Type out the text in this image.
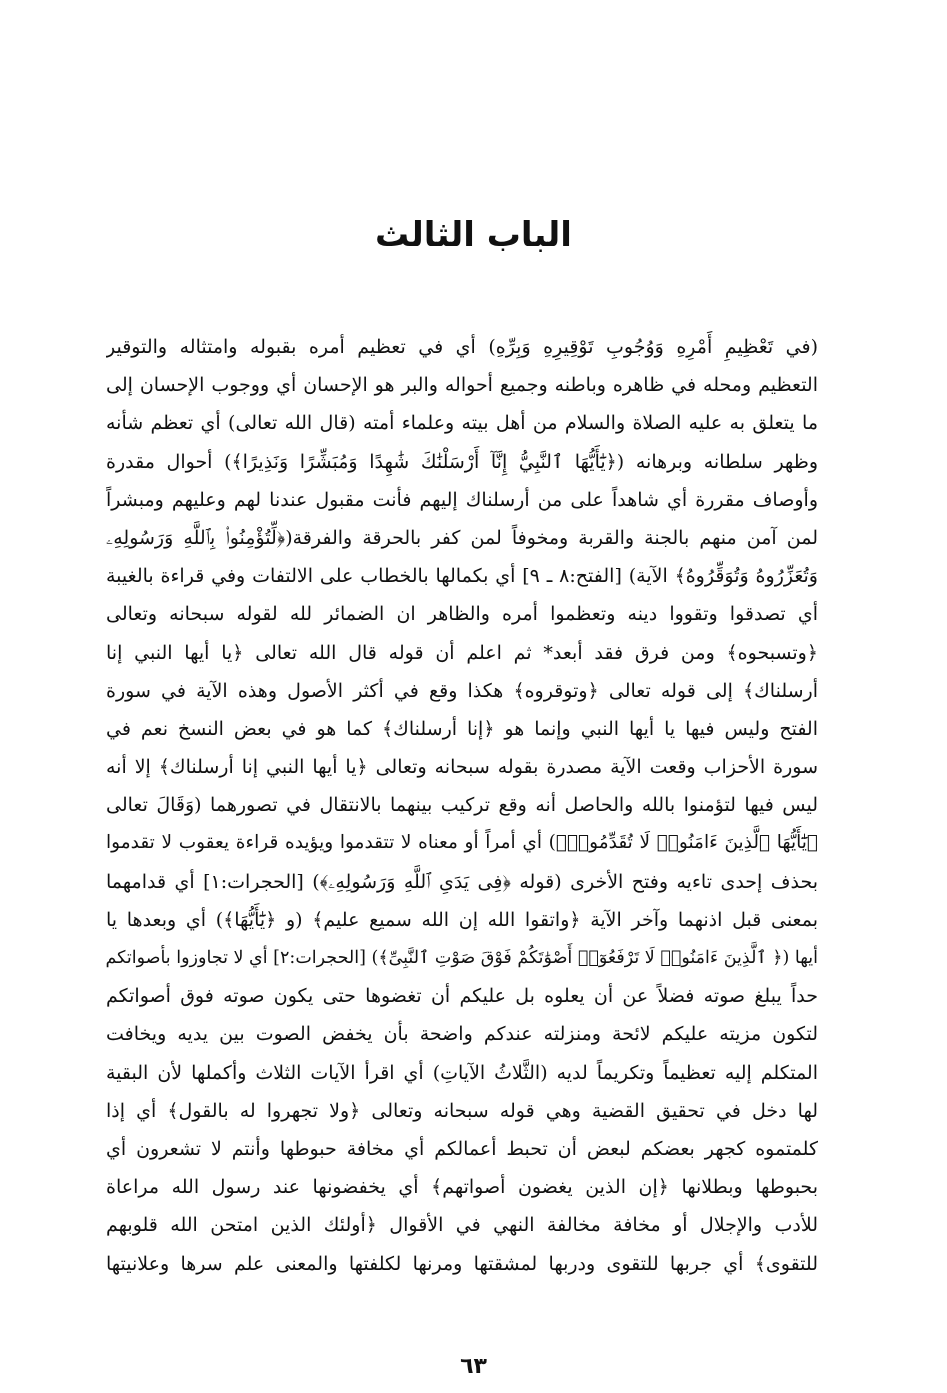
الباب الثالث
(في تَعْظِيمِ أَمْرِهِ وَوُجُوبِ تَوْقِيرِهِ وَبِرِّهِ) أي في تعظيم أمره بقبوله وامتثاله والتوقير
التعظيم ومحله في ظاهره وباطنه وجميع أحواله والبر هو الإحسان أي ووجوب الإحسان إلى
ما يتعلق به عليه الصلاة والسلام من أهل بيته وعلماء أمته (قال الله تعالى) أي تعظم شأنه
وظهر سلطانه وبرهانه (﴿يَٰٓأَيُّهَا ٱلنَّبِيُّ إِنَّآ أَرْسَلْنَٰكَ شَٰهِدًا وَمُبَشِّرًا وَنَذِيرًا﴾) أحوال مقدرة
وأوصاف مقررة أي شاهداً على من أرسلناك إليهم فأنت مقبول عندنا لهم وعليهم ومبشراً
لمن آمن منهم بالجنة والقربة ومخوفاً لمن كفر بالحرقة والفرقة(﴿لِّتُؤْمِنُوا۟ بِٱللَّهِ وَرَسُولِهِۦ
وَتُعَزِّرُوهُ وَتُوَقِّرُوهُ﴾ الآية) [الفتح:٨ ـ ٩] أي بكمالها بالخطاب على الالتفات وفي قراءة بالغيبة
أي تصدقوا وتقووا دينه وتعظموا أمره والظاهر ان الضمائر لله لقوله سبحانه وتعالى
﴿وتسبحوه﴾ ومن فرق فقد أبعد* ثم اعلم أن قوله قال الله تعالى ﴿يا أيها النبي إنا
أرسلناك﴾ إلى قوله تعالى ﴿وتوقروه﴾ هكذا وقع في أكثر الأصول وهذه الآية في سورة
الفتح وليس فيها يا أيها النبي وإنما هو ﴿إنا أرسلناك﴾ كما هو في بعض النسخ نعم في
سورة الأحزاب وقعت الآية مصدرة بقوله سبحانه وتعالى ﴿يا أيها النبي إنا أرسلناك﴾ إلا أنه
ليس فيها لتؤمنوا بالله والحاصل أنه وقع تركيب بينهما بالانتقال في تصورهما (وَقَالَ تعالى
﴿يَٰٓأَيُّهَا ٱلَّذِينَ ءَامَنُوا۟ لَا تُقَدِّمُوا۟﴾) أي أمراً أو معناه لا تتقدموا ويؤيده قراءة يعقوب لا تقدموا
بحذف إحدى تاءيه وفتح الأخرى (قوله ﴿فِى يَدَىِ ٱللَّهِ وَرَسُولِهِۦ﴾) [الحجرات:١] أي قدامهما
بمعنى قبل اذنهما وآخر الآية ﴿واتقوا الله إن الله سميع عليم﴾ (و ﴿يَٰٓأَيُّهَا﴾) أي وبعدها يا
أيها (﴿ ٱلَّذِينَ ءَامَنُوا۟ لَا تَرْفَعُوٓا۟ أَصْوَٰتَكُمْ فَوْقَ صَوْتِ ٱلنَّبِىِّ﴾) [الحجرات:٢] أي لا تجاوزوا بأصواتكم
حداً يبلغ صوته فضلاً عن أن يعلوه بل عليكم أن تغضوها حتى يكون صوته فوق أصواتكم
لتكون مزيته عليكم لائحة ومنزلته عندكم واضحة بأن يخفض الصوت بين يديه ويخافت
المتكلم إليه تعظيماً وتكريماً لديه (الثَّلاثُ الآياتِ) أي اقرأ الآيات الثلاث وأكملها لأن البقية
لها دخل في تحقيق القضية وهي قوله سبحانه وتعالى ﴿ولا تجهروا له بالقول﴾ أي إذا
كلمتموه كجهر بعضكم لبعض أن تحبط أعمالكم أي مخافة حبوطها وأنتم لا تشعرون أي
بحبوطها وبطلانها ﴿إن الذين يغضون أصواتهم﴾ أي يخفضونها عند رسول الله مراعاة
للأدب والإجلال أو مخافة مخالفة النهي في الأقوال ﴿أولئك الذين امتحن الله قلوبهم
للتقوى﴾ أي جربها للتقوى ودربها لمشقتها ومرنها لكلفتها والمعنى علم سرها وعلانيتها
٦٣
